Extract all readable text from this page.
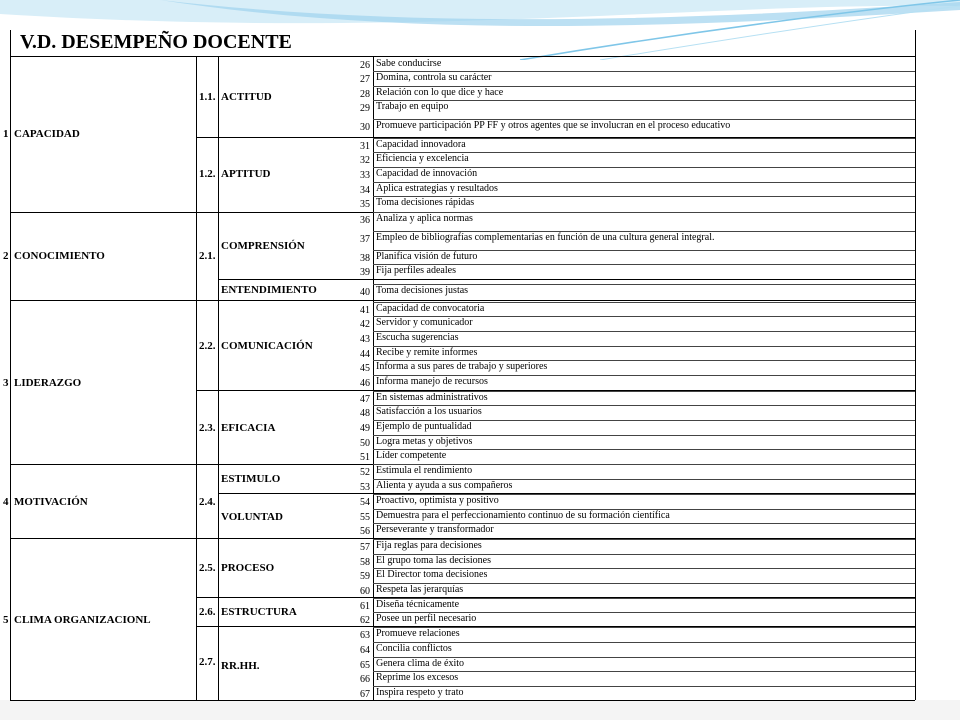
V.D. DESEMPEÑO DOCENTE
1 CAPACIDAD
2 CONOCIMIENTO
3 LIDERAZGO
4 MOTIVACIÓN
5 CLIMA ORGANIZACIONL
1.1.
1.2.
2.1.
2.2.
2.3.
2.4.
2.5.
2.6.
2.7.
ACTITUD
APTITUD
COMPRENSIÓN
ENTENDIMIENTO
COMUNICACIÓN
EFICACIA
ESTIMULO
VOLUNTAD
PROCESO
ESTRUCTURA
RR.HH.
26 Sabe conducirse
27 Domina, controla su carácter
28 Relación con lo que dice y hace
29 Trabajo en equipo
30 Promueve participación PP FF y otros agentes que se involucran en el proceso educativo
31 Capacidad innovadora
32 Eficiencia y excelencia
33 Capacidad de innovación
34 Aplica estrategias y resultados
35 Toma decisiones rápidas
36 Analiza y aplica normas
37 Empleo de bibliografías complementarias en función de una cultura general integral.
38 Planifica visión de futuro
39 Fija perfiles adeales
40 Toma decisiones justas
41 Capacidad de convocatoria
42 Servidor y comunicador
43 Escucha sugerencias
44 Recibe y remite informes
45 Informa a sus pares de trabajo y superiores
46 Informa manejo de recursos
47 En sistemas administrativos
48 Satisfacción a los usuarios
49 Ejemplo de puntualidad
50 Logra metas y objetivos
51 Líder competente
52 Estimula el rendimiento
53 Alienta y ayuda a sus compañeros
54 Proactivo, optimista y positivo
55 Demuestra para el perfeccionamiento continuo de su formación científica
56 Perseverante y transformador
57 Fija reglas para decisiones
58 El grupo toma las decisiones
59 El Director toma decisiones
60 Respeta las jerarquías
61 Diseña técnicamente
62 Posee un perfil necesario
63 Promueve relaciones
64 Concilia conflictos
65 Genera clima de éxito
66 Reprime los excesos
67 Inspira respeto y trato
